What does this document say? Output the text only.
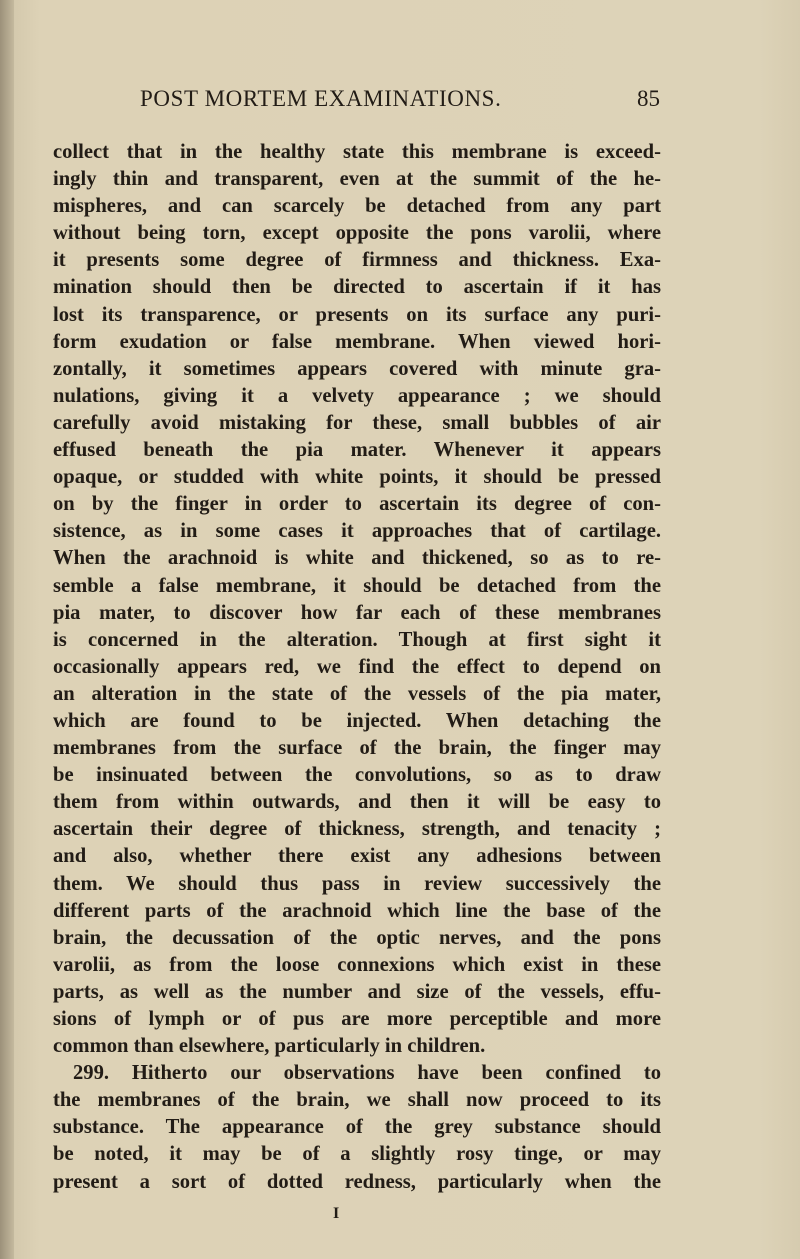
POST MORTEM EXAMINATIONS.	85
collect that in the healthy state this membrane is exceed-
ingly thin and transparent, even at the summit of the he-
mispheres, and can scarcely be detached from any part
without being torn, except opposite the pons varolii, where
it presents some degree of firmness and thickness. Exa-
mination should then be directed to ascertain if it has
lost its transparence, or presents on its surface any puri-
form exudation or false membrane. When viewed hori-
zontally, it sometimes appears covered with minute gra-
nulations, giving it a velvety appearance ; we should
carefully avoid mistaking for these, small bubbles of air
effused beneath the pia mater. Whenever it appears
opaque, or studded with white points, it should be pressed
on by the finger in order to ascertain its degree of con-
sistence, as in some cases it approaches that of cartilage.
When the arachnoid is white and thickened, so as to re-
semble a false membrane, it should be detached from the
pia mater, to discover how far each of these membranes
is concerned in the alteration. Though at first sight it
occasionally appears red, we find the effect to depend on
an alteration in the state of the vessels of the pia mater,
which are found to be injected. When detaching the
membranes from the surface of the brain, the finger may
be insinuated between the convolutions, so as to draw
them from within outwards, and then it will be easy to
ascertain their degree of thickness, strength, and tenacity ;
and also, whether there exist any adhesions between
them. We should thus pass in review successively the
different parts of the arachnoid which line the base of the
brain, the decussation of the optic nerves, and the pons
varolii, as from the loose connexions which exist in these
parts, as well as the number and size of the vessels, effu-
sions of lymph or of pus are more perceptible and more
common than elsewhere, particularly in children.
299. Hitherto our observations have been confined to
the membranes of the brain, we shall now proceed to its
substance. The appearance of the grey substance should
be noted, it may be of a slightly rosy tinge, or may
present a sort of dotted redness, particularly when the
I
